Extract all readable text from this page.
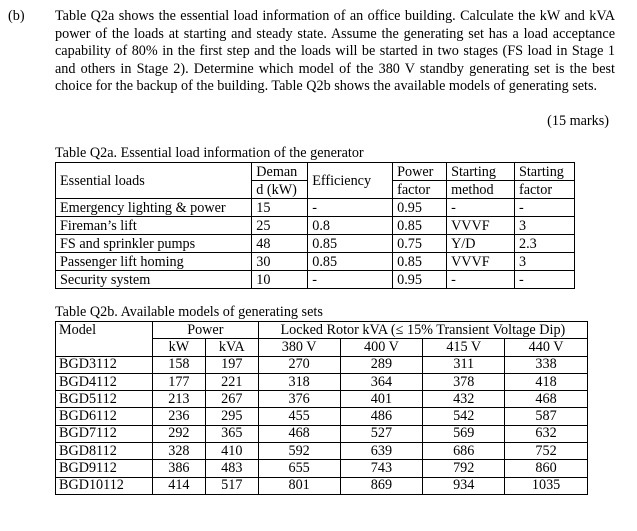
(b) Table Q2a shows the essential load information of an office building. Calculate the kW and kVA power of the loads at starting and steady state. Assume the generating set has a load acceptance capability of 80% in the first step and the loads will be started in two stages (FS load in Stage 1 and others in Stage 2). Determine which model of the 380 V standby generating set is the best choice for the backup of the building. Table Q2b shows the available models of generating sets.

(15 marks)
Table Q2a. Essential load information of the generator
Essential loads	Deman	Efficiency	Power	Starting	Starting
	d (kW)		factor	method	factor
Emergency lighting & power	15	-	0.95	-	-
Fireman’s lift	25	0.8	0.85	VVVF	3
FS and sprinkler pumps	48	0.85	0.75	Y/D	2.3
Passenger lift homing	30	0.85	0.85	VVVF	3
Security system	10	-	0.95	-	-
Table Q2b. Available models of generating sets
Model	Power		Locked Rotor kVA (≤ 15% Transient Voltage Dip)			
	kW	kVA	380 V	400 V	415 V	440 V
BGD3112	158	197	270	289	311	338
BGD4112	177	221	318	364	378	418
BGD5112	213	267	376	401	432	468
BGD6112	236	295	455	486	542	587
BGD7112	292	365	468	527	569	632
BGD8112	328	410	592	639	686	752
BGD9112	386	483	655	743	792	860
BGD10112	414	517	801	869	934	1035
